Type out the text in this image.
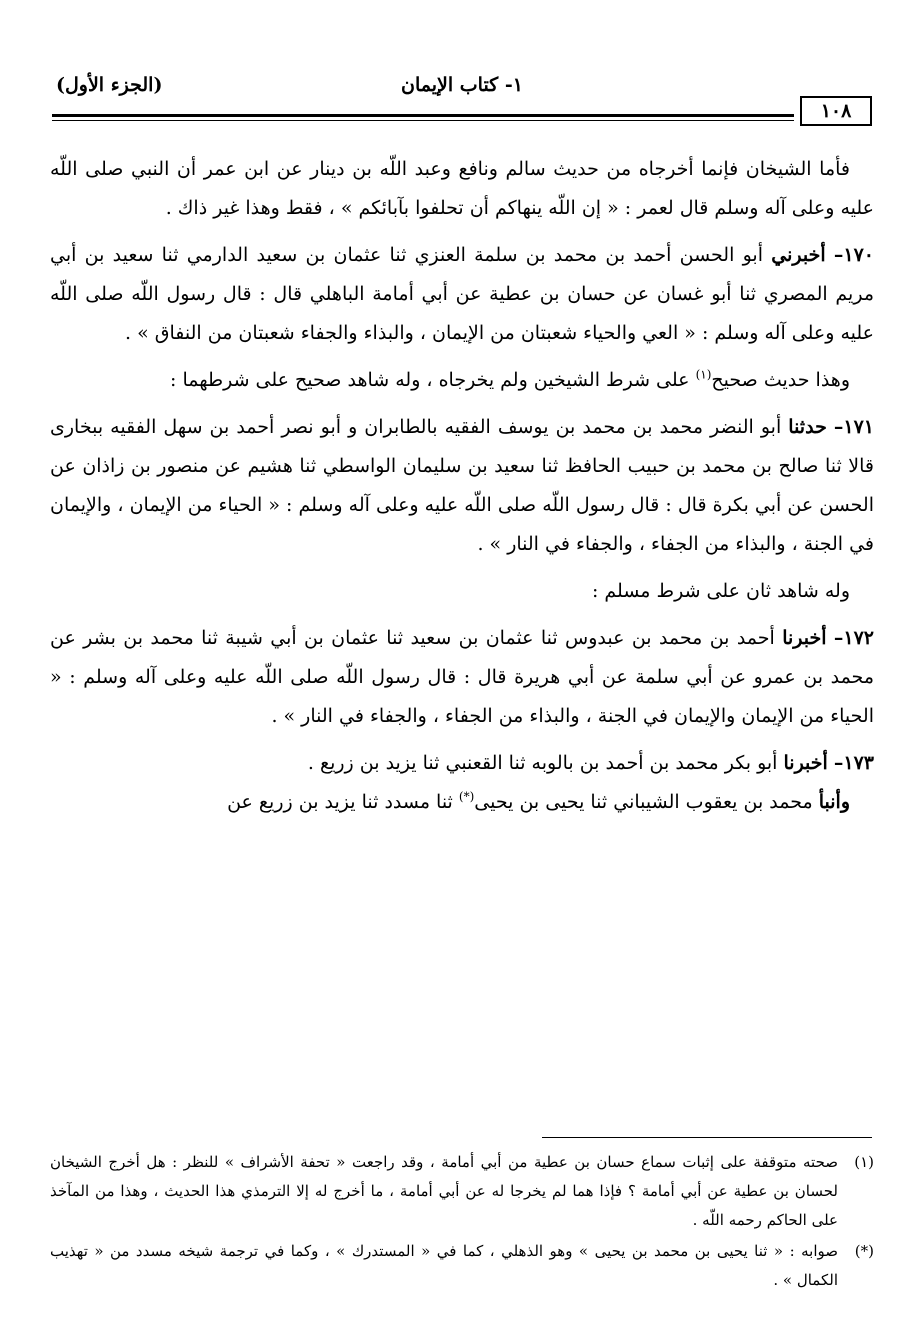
١- كتاب الإيمان
(الجزء الأول)
١٠٨

فأما الشيخان فإنما أخرجاه من حديث سالم ونافع وعبد اللّه بن دينار عن ابن عمر أن النبي صلى اللّه عليه وعلى آله وسلم قال لعمر : « إن اللّه ينهاكم أن تحلفوا بآبائكم » ، فقط وهذا غير ذاك .

١٧٠– أخبرني أبو الحسن أحمد بن محمد بن سلمة العنزي ثنا عثمان بن سعيد الدارمي ثنا سعيد بن أبي مريم المصري ثنا أبو غسان عن حسان بن عطية عن أبي أمامة الباهلي قال : قال رسول اللّه صلى اللّه عليه وعلى آله وسلم : « العي والحياء شعبتان من الإيمان ، والبذاء والجفاء شعبتان من النفاق » .

وهذا حديث صحيح$^{(١)}$ على شرط الشيخين ولم يخرجاه ، وله شاهد صحيح على شرطهما :

١٧١– حدثنا أبو النضر محمد بن محمد بن يوسف الفقيه بالطابران و أبو نصر أحمد بن سهل الفقيه ببخارى قالا ثنا صالح بن محمد بن حبيب الحافظ ثنا سعيد بن سليمان الواسطي ثنا هشيم عن منصور بن زاذان عن الحسن عن أبي بكرة قال : قال رسول اللّه صلى اللّه عليه وعلى آله وسلم : « الحياء من الإيمان ، والإيمان في الجنة ، والبذاء من الجفاء ، والجفاء في النار » .

وله شاهد ثان على شرط مسلم :

١٧٢– أخبرنا أحمد بن محمد بن عبدوس ثنا عثمان بن سعيد ثنا عثمان بن أبي شيبة ثنا محمد بن بشر عن محمد بن عمرو عن أبي سلمة عن أبي هريرة قال : قال رسول اللّه صلى اللّه عليه وعلى آله وسلم : « الحياء من الإيمان والإيمان في الجنة ، والبذاء من الجفاء ، والجفاء في النار » .

١٧٣– أخبرنا أبو بكر محمد بن أحمد بن بالوبه ثنا القعنبي ثنا يزيد بن زريع .

وأنبأ محمد بن يعقوب الشيباني ثنا يحيى بن يحيى(*) ثنا مسدد ثنا يزيد بن زريع عن

(١)
صحته متوقفة على إثبات سماع حسان بن عطية من أبي أمامة ، وقد راجعت « تحفة الأشراف » للنظر : هل أخرج الشيخان لحسان بن عطية عن أبي أمامة ؟ فإذا هما لم يخرجا له عن أبي أمامة ، ما أخرج له إلا الترمذي هذا الحديث ، وهذا من المآخذ على الحاكم رحمه اللّه .
(*)
صوابه : « ثنا يحيى بن محمد بن يحيى » وهو الذهلي ، كما في « المستدرك » ، وكما في ترجمة شيخه مسدد من « تهذيب الكمال » .
